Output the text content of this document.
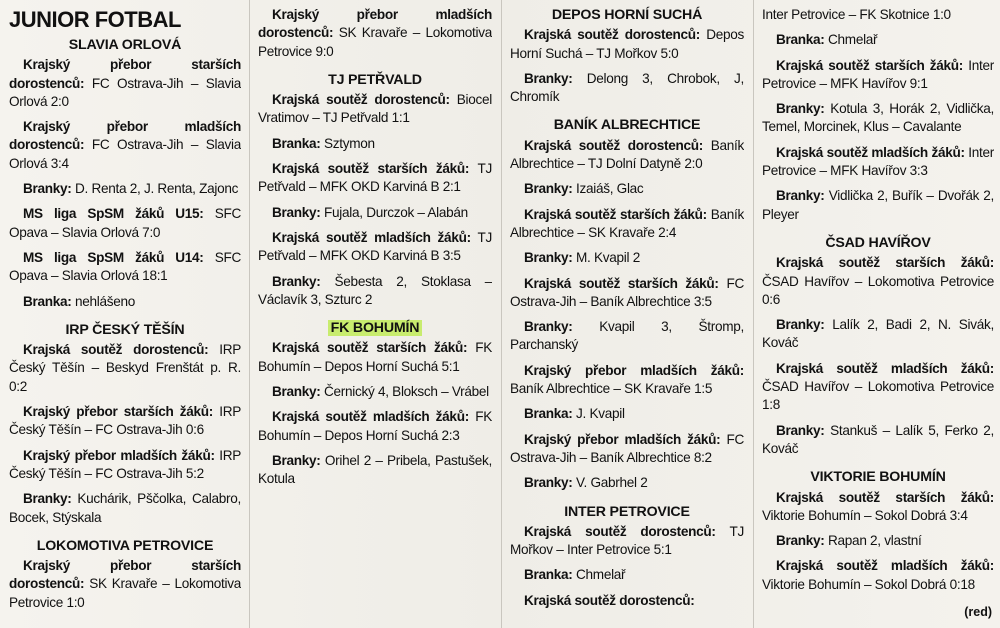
JUNIOR FOTBAL
SLAVIA ORLOVÁ
Krajský přebor starších dorostenců: FC Ostrava-Jih – Slavia Orlová 2:0
Krajský přebor mladších dorostenců: FC Ostrava-Jih – Slavia Orlová 3:4
Branky: D. Renta 2, J. Renta, Zajonc
MS liga SpSM žáků U15: SFC Opava – Slavia Orlová 7:0
MS liga SpSM žáků U14: SFC Opava – Slavia Orlová 18:1
Branka: nehlášeno
IRP ČESKÝ TĚŠÍN
Krajská soutěž dorostenců: IRP Český Těšín – Beskyd Frenštát p. R. 0:2
Krajský přebor starších žáků: IRP Český Těšín – FC Ostrava-Jih 0:6
Krajský přebor mladších žáků: IRP Český Těšín – FC Ostrava-Jih 5:2
Branky: Kuchárik, Pščolka, Calabro, Bocek, Stýskala
LOKOMOTIVA PETROVICE
Krajský přebor starších dorostenců: SK Kravaře – Lokomotiva Petrovice 1:0
Krajský přebor mladších dorostenců: SK Kravaře – Lokomotiva Petrovice 9:0
TJ PETŘVALD
Krajská soutěž dorostenců: Biocel Vratimov – TJ Petřvald 1:1
Branka: Sztymon
Krajská soutěž starších žáků: TJ Petřvald – MFK OKD Karviná B 2:1
Branky: Fujala, Durczok – Alabán
Krajská soutěž mladších žáků: TJ Petřvald – MFK OKD Karviná B 3:5
Branky: Šebesta 2, Stoklasa – Václavík 3, Szturc 2
FK BOHUMÍN
Krajská soutěž starších žáků: FK Bohumín – Depos Horní Suchá 5:1
Branky: Černický 4, Bloksch – Vrábel
Krajská soutěž mladších žáků: FK Bohumín – Depos Horní Suchá 2:3
Branky: Orihel 2 – Pribela, Pastušek, Kotula
DEPOS HORNÍ SUCHÁ
Krajská soutěž dorostenců: Depos Horní Suchá – TJ Mořkov 5:0
Branky: Delong 3, Chrobok, J, Chromík
BANÍK ALBRECHTICE
Krajská soutěž dorostenců: Baník Albrechtice – TJ Dolní Datyně 2:0
Branky: Izaiáš, Glac
Krajská soutěž starších žáků: Baník Albrechtice – SK Kravaře 2:4
Branky: M. Kvapil 2
Krajská soutěž starších žáků: FC Ostrava-Jih – Baník Albrechtice 3:5
Branky: Kvapil 3, Štromp, Parchanský
Krajský přebor mladších žáků: Baník Albrechtice – SK Kravaře 1:5
Branka: J. Kvapil
Krajský přebor mladších žáků: FC Ostrava-Jih – Baník Albrechtice 8:2
Branky: V. Gabrhel 2
INTER PETROVICE
Krajská soutěž dorostenců: TJ Mořkov – Inter Petrovice 5:1
Branka: Chmelař
Krajská soutěž dorostenců:
Inter Petrovice – FK Skotnice 1:0
Branka: Chmelař
Krajská soutěž starších žáků: Inter Petrovice – MFK Havířov 9:1
Branky: Kotula 3, Horák 2, Vidlička, Temel, Morcinek, Klus – Cavalante
Krajská soutěž mladších žáků: Inter Petrovice – MFK Havířov 3:3
Branky: Vidlička 2, Buřík – Dvořák 2, Pleyer
ČSAD HAVÍŘOV
Krajská soutěž starších žáků: ČSAD Havířov – Lokomotiva Petrovice 0:6
Branky: Lalík 2, Badi 2, N. Sivák, Kováč
Krajská soutěž mladších žáků: ČSAD Havířov – Lokomotiva Petrovice 1:8
Branky: Stankuš – Lalík 5, Ferko 2, Kováč
VIKTORIE BOHUMÍN
Krajská soutěž starších žáků: Viktorie Bohumín – Sokol Dobrá 3:4
Branky: Rapan 2, vlastní
Krajská soutěž mladších žáků: Viktorie Bohumín – Sokol Dobrá 0:18
(red)
